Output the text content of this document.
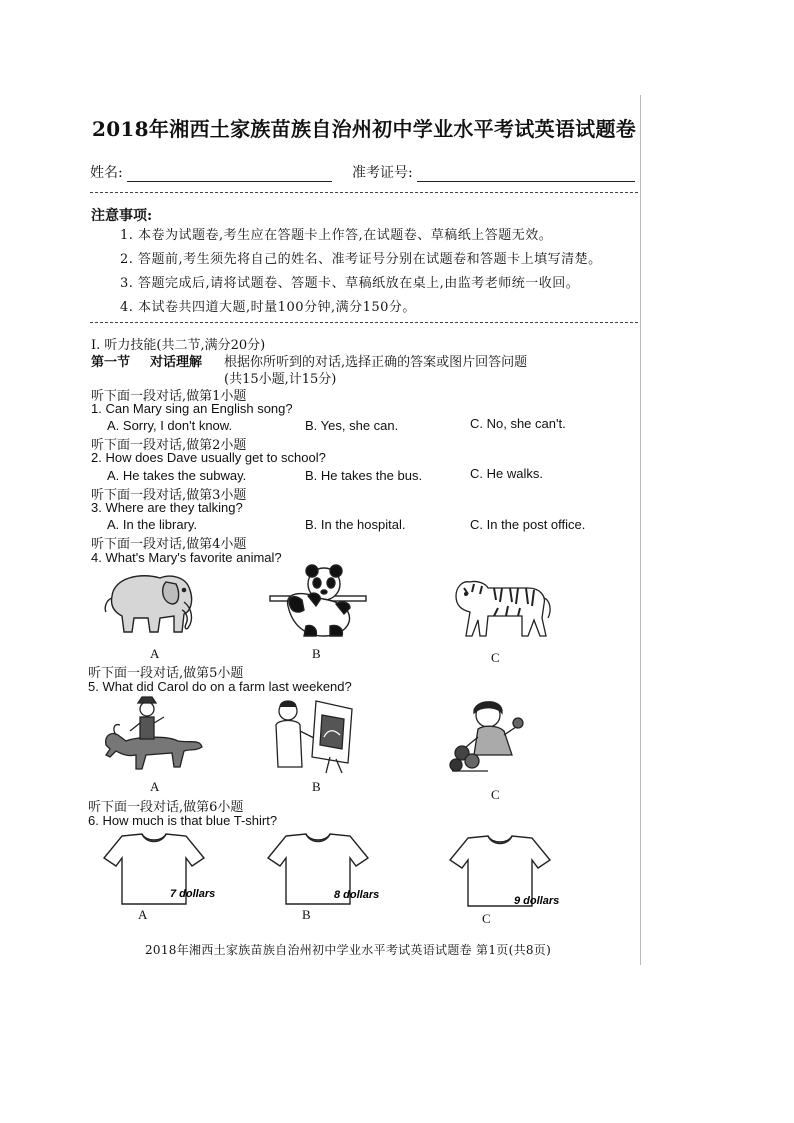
2018年湘西土家族苗族自治州初中学业水平考试英语试题卷
姓名:	准考证号:
注意事项:
1. 本卷为试题卷,考生应在答题卡上作答,在试题卷、草稿纸上答题无效。
2. 答题前,考生须先将自己的姓名、准考证号分别在试题卷和答题卡上填写清楚。
3. 答题完成后,请将试题卷、答题卡、草稿纸放在桌上,由监考老师统一收回。
4. 本试卷共四道大题,时量100分钟,满分150分。
Ⅰ. 听力技能(共二节,满分20分)
第一节 对话理解 根据你所听到的对话,选择正确的答案或图片回答问题
(共15小题,计15分)
听下面一段对话,做第1小题
1. Can Mary sing an English song?
A. Sorry, I don't know.	B. Yes, she can.	C. No, she can't.
听下面一段对话,做第2小题
2. How does Dave usually get to school?
A. He takes the subway.	B. He takes the bus.	C. He walks.
听下面一段对话,做第3小题
3. Where are they talking?
A. In the library.	B. In the hospital.	C. In the post office.
听下面一段对话,做第4小题
4. What's Mary's favorite animal?
A	B	C
听下面一段对话,做第5小题
5. What did Carol do on a farm last weekend?
A	B
C
听下面一段对话,做第6小题
6. How much is that blue T-shirt?
7 dollars	8 dollars	9 dollars
A	B	C
2018年湘西土家族苗族自治州初中学业水平考试英语试题卷 第1页(共8页)
